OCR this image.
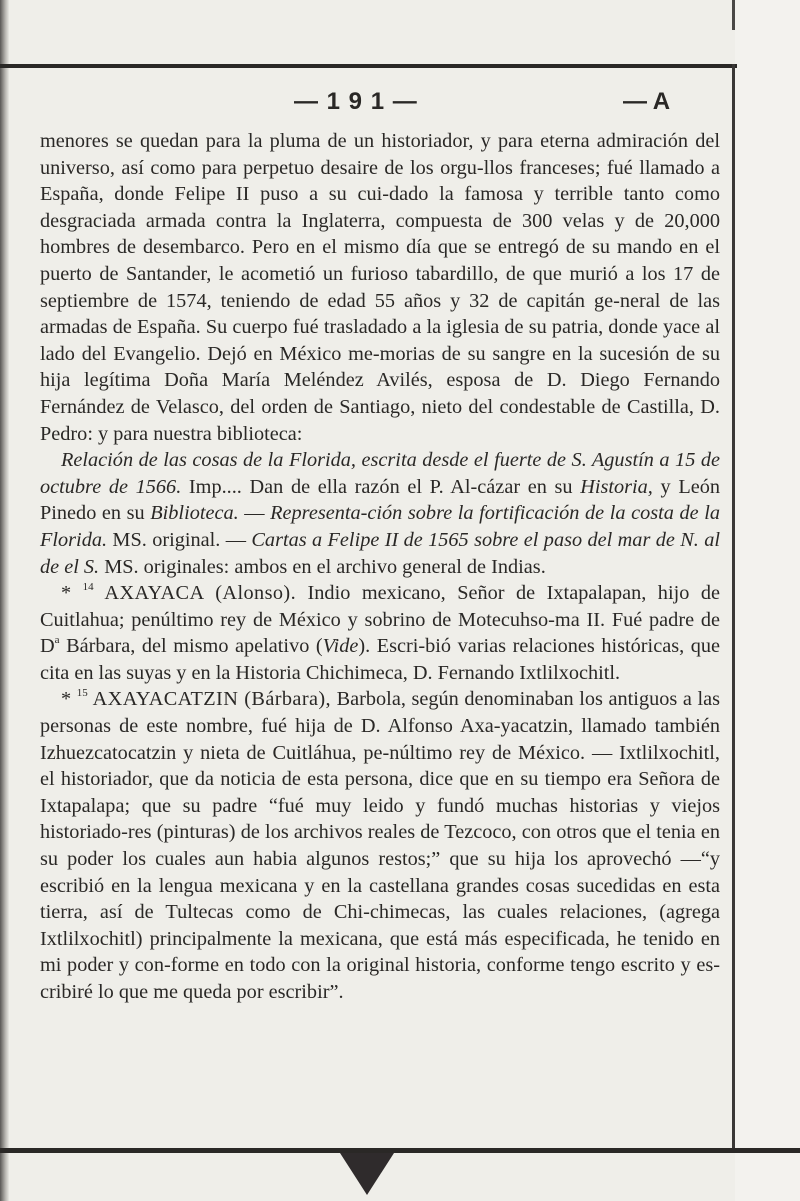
— 1 9 1 —	— A

menores se quedan para la pluma de un historiador, y para eterna admiración del universo, así como para perpetuo desaire de los orgu-llos franceses; fué llamado a España, donde Felipe II puso a su cui-dado la famosa y terrible tanto como desgraciada armada contra la Inglaterra, compuesta de 300 velas y de 20,000 hombres de desembarco. Pero en el mismo día que se entregó de su mando en el puerto de Santander, le acometió un furioso tabardillo, de que murió a los 17 de septiembre de 1574, teniendo de edad 55 años y 32 de capitán ge-neral de las armadas de España. Su cuerpo fué trasladado a la iglesia de su patria, donde yace al lado del Evangelio. Dejó en México me-morias de su sangre en la sucesión de su hija legítima Doña María Meléndez Avilés, esposa de D. Diego Fernando Fernández de Velasco, del orden de Santiago, nieto del condestable de Castilla, D. Pedro: y para nuestra biblioteca:

Relación de las cosas de la Florida, escrita desde el fuerte de S. Agustín a 15 de octubre de 1566. Imp.... Dan de ella razón el P. Al-cázar en su Historia, y León Pinedo en su Biblioteca. — Representa-ción sobre la fortificación de la costa de la Florida. MS. original. — Cartas a Felipe II de 1565 sobre el paso del mar de N. al de el S. MS. originales: ambos en el archivo general de Indias.

* $^{14}$ AXAYACA (Alonso). Indio mexicano, Señor de Ixtapalapan, hijo de Cuitlahua; penúltimo rey de México y sobrino de Motecuhso-ma II. Fué padre de $D^a$ Bárbara, del mismo apelativo (Vide). Escri-bió varias relaciones históricas, que cita en las suyas y en la Historia Chichimeca, D. Fernando Ixtlilxochitl.

* $^{15}$ AXAYACATZIN (Bárbara), Barbola, según denominaban los antiguos a las personas de este nombre, fué hija de D. Alfonso Axa-yacatzin, llamado también Izhuezcatocatzin y nieta de Cuitláhua, pe-núltimo rey de México. — Ixtlilxochitl, el historiador, que da noticia de esta persona, dice que en su tiempo era Señora de Ixtapalapa; que su padre “fué muy leido y fundó muchas historias y viejos historiado-res (pinturas) de los archivos reales de Tezcoco, con otros que el tenia en su poder los cuales aun habia algunos restos;” que su hija los aprovechó —“y escribió en la lengua mexicana y en la castellana grandes cosas sucedidas en esta tierra, así de Tultecas como de Chi-chimecas, las cuales relaciones, (agrega Ixtlilxochitl) principalmente la mexicana, que está más especificada, he tenido en mi poder y con-forme en todo con la original historia, conforme tengo escrito y es-cribiré lo que me queda por escribir”.
